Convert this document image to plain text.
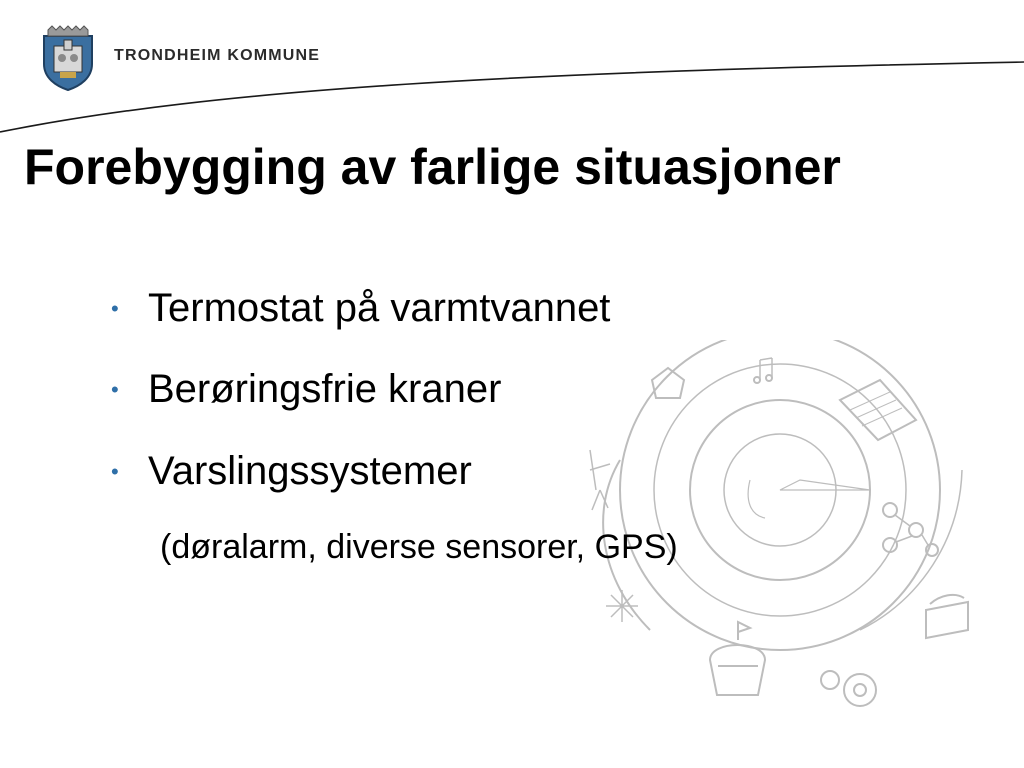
TRONDHEIM KOMMUNE
Forebygging av farlige situasjoner
• Termostat på varmtvannet
• Berøringsfrie kraner
• Varslingssystemer
(døralarm, diverse sensorer, GPS)
